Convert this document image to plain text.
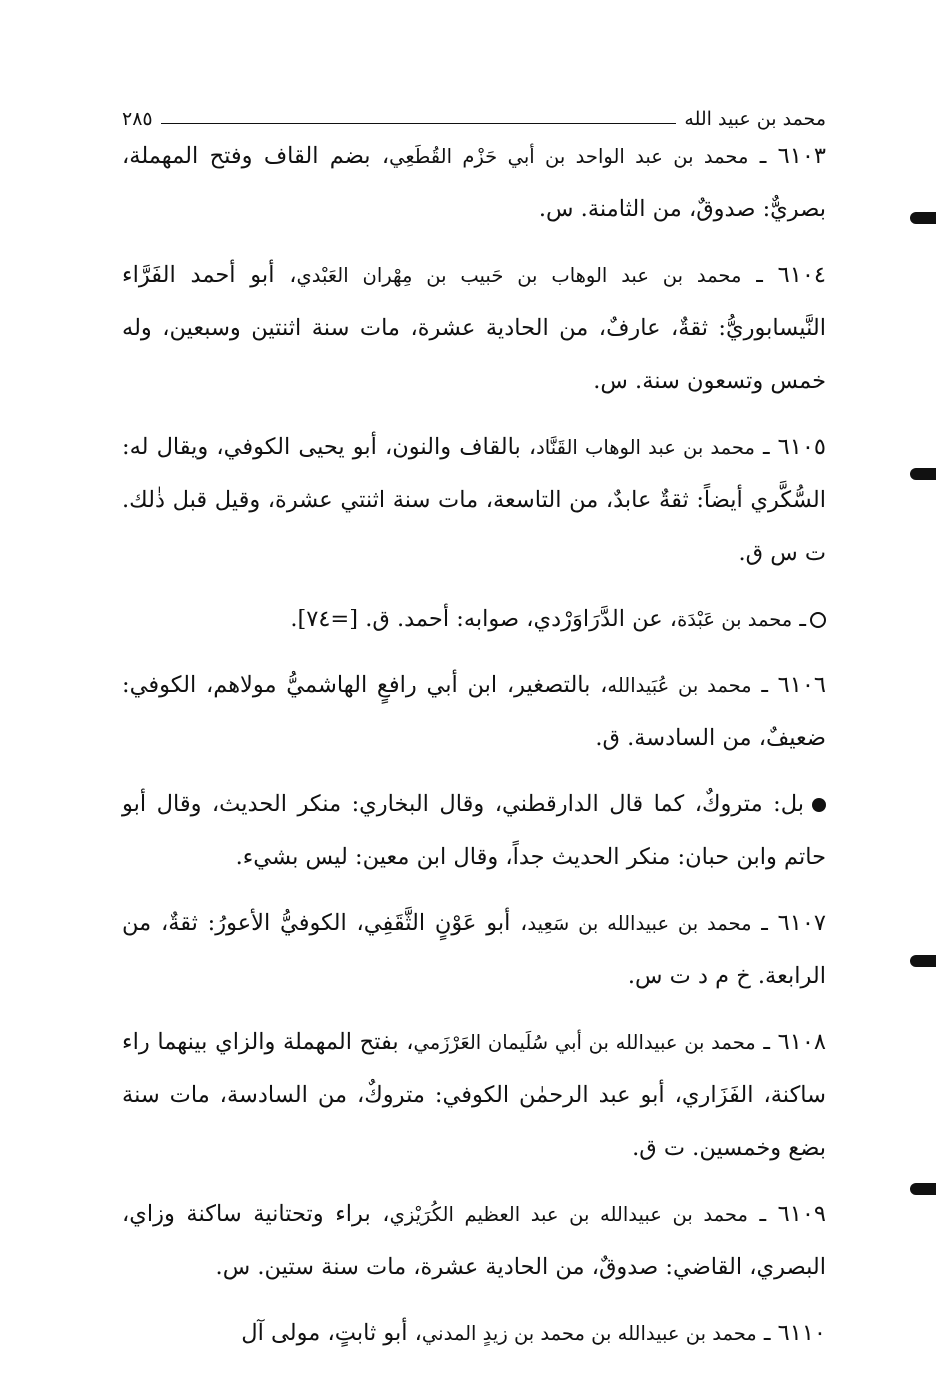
محمد بن عبيد الله
٢٨٥

٦١٠٣ ـ محمد بن عبد الواحد بن أبي حَزْم القُطَعِي، بضم القاف وفتح المهملة، بصريٌّ: صدوقٌ، من الثامنة. س.

٦١٠٤ ـ محمد بن عبد الوهاب بن حَبيب بن مِهْران العَبْدي، أبو أحمد الفَرَّاء النَّيسابوريُّ: ثقةٌ، عارفٌ، من الحادية عشرة، مات سنة اثنتين وسبعين، وله خمس وتسعون سنة. س.

٦١٠٥ ـ محمد بن عبد الوهاب القَنَّاد، بالقاف والنون، أبو يحيى الكوفي، ويقال له: السُّكَّري أيضاً: ثقةٌ عابدٌ، من التاسعة، مات سنة اثنتي عشرة، وقيل قبل ذٰلك. ت س ق.

ـ محمد بن عَبْدَة، عن الدَّرَاوَرْدي، صوابه: أحمد. ق. [=٧٤].

٦١٠٦ ـ محمد بن عُبَيدالله، بالتصغير، ابن أبي رافعٍ الهاشميُّ مولاهم، الكوفي: ضعيفٌ، من السادسة. ق.

بل: متروكٌ، كما قال الدارقطني، وقال البخاري: منكر الحديث، وقال أبو حاتم وابن حبان: منكر الحديث جداً، وقال ابن معين: ليس بشيء.

٦١٠٧ ـ محمد بن عبيدالله بن سَعِيد، أبو عَوْنٍ الثَّقَفِي، الكوفيُّ الأعورُ: ثقةٌ، من الرابعة. خ م د ت س.

٦١٠٨ ـ محمد بن عبيدالله بن أبي سُلَيمان العَرْزَمي، بفتح المهملة والزاي بينهما راء ساكنة، الفَزَاري، أبو عبد الرحمٰن الكوفي: متروكٌ، من السادسة، مات سنة بضع وخمسين. ت ق.

٦١٠٩ ـ محمد بن عبيدالله بن عبد العظيم الكُرَيْزي، براء وتحتانية ساكنة وزاي، البصري، القاضي: صدوقٌ، من الحادية عشرة، مات سنة ستين. س.

٦١١٠ ـ محمد بن عبيدالله بن محمد بن زيدٍ المدني، أبو ثابتٍ، مولى آل
